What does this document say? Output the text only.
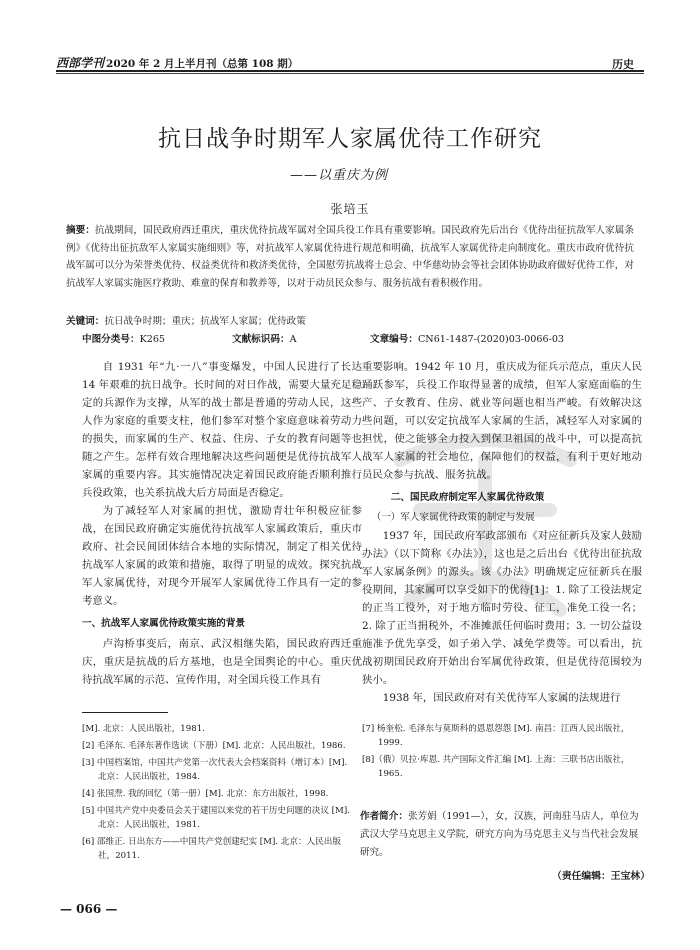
西部学刊 2020 年 2 月上半月刊（总第 108 期）	历史
抗日战争时期军人家属优待工作研究
——以重庆为例
张培玉
摘要：抗战期间，国民政府西迁重庆，重庆优待抗战军属对全国兵役工作具有重要影响。国民政府先后出台《优待出征抗敌军人家属条例》《优待出征抗敌军人家属实施细则》等，对抗战军人家属优待进行规范和明确，抗战军人家属优待走向制度化。重庆市政府优待抗战军属可以分为荣誉类优待、权益类优待和救济类优待，全国慰劳抗战将士总会、中华慈幼协会等社会团体协助政府做好优待工作，对抗战军人家属实施医疗救助、难童的保育和教养等，以对于动员民众参与、服务抗战有着积极作用。
关键词：抗日战争时期；重庆；抗战军人家属；优待政策
中图分类号：K265	文献标识码：A	文章编号：CN61-1487-(2020)03-0066-03

自 1931 年“九·一八”事变爆发，中国人民进行了长达 14 年艰难的抗日战争。长时间的对日作战，需要大量充足稳定的兵源作为支撑，从军的战士都是普通的劳动人民，这些人作为家庭的重要支柱，他们参军对整个家庭意味着劳动力的损失，而家属的生产、权益、住房、子女的教育问题等也随之产生。怎样有效合理地解决这些问题便是优待抗战军人家属的重要内容。其实施情况决定着国民政府能否顺利推行兵役政策，也关系抗战大后方局面是否稳定。

为了减轻军人对家属的担忧，激励青壮年积极应征参战，在国民政府确定实施优待抗战军人家属政策后，重庆市政府、社会民间团体结合本地的实际情况，制定了相关优待抗战军人家属的政策和措施，取得了明显的成效。探究抗战军人家属优待，对现今开展军人家属优待工作具有一定的参考意义。

一、抗战军人家属优待政策实施的背景

卢沟桥事变后，南京、武汉相继失陷，国民政府西迁重庆，重庆是抗战的后方基地，也是全国舆论的中心。重庆优待抗战军属的示范、宣传作用，对全国兵役工作具有

重要影响。1942 年 10 月，重庆成为征兵示范点，重庆人民踊跃参军，兵役工作取得显著的成绩，但军人家庭面临的生产、子女教育、住房、就业等问题也相当严峻。有效解决这些问题，可以安定抗战军人家属的生活，减轻军人对家属的担忧，使之能够全力投入到保卫祖国的战斗中，可以提高抗战军人家属的社会地位，保障他们的权益，有利于更好地动员民众参与抗战、服务抗战。

二、国民政府制定军人家属优待政策

（一）军人家属优待政策的制定与发展

1937 年，国民政府军政部颁布《对应征新兵及家人鼓励办法》（以下简称《办法》），这也是之后出台《优待出征抗敌军人家属条例》的源头。该《办法》明确规定应征新兵在服役期间，其家属可以享受如下的优待[1]：1. 除了工役法规定的正当工役外，对于地方临时劳役、征工，准免工役一名；2. 除了正当捐税外，不准摊派任何临时费用；3. 一切公益设施准予优先享受，如子弟入学、减免学费等。可以看出，抗战初期国民政府开始出台军属优待政策，但是优待范围较为狭小。

1938 年，国民政府对有关优待军人家属的法规进行

[M]. 北京：人民出版社，1981.
[2] 毛泽东. 毛泽东著作选读（下册）[M]. 北京：人民出版社，1986.
[3] 中国档案馆，中国共产党第一次代表大会档案资料（增订本）[M]. 北京：人民出版社，1984.
[4] 张国焘. 我的回忆（第一册）[M]. 北京：东方出版社，1998.
[5] 中国共产党中央委员会关于建国以来党的若干历史问题的决议 [M]. 北京：人民出版社，1981.
[6] 邵维正. 日出东方——中国共产党创建纪实 [M]. 北京：人民出版社，2011.
[7] 杨奎松. 毛泽东与莫斯科的恩恩怨怨 [M]. 南昌：江西人民出版社，1999.
[8]（俄）贝拉·库恩. 共产国际文件汇编 [M]. 上海：三联书店出版社，1965.
作者简介：张芳娟（1991—），女，汉族，河南驻马店人，单位为武汉大学马克思主义学院，研究方向为马克思主义与当代社会发展研究。
（责任编辑：王宝林）
— 066 —
